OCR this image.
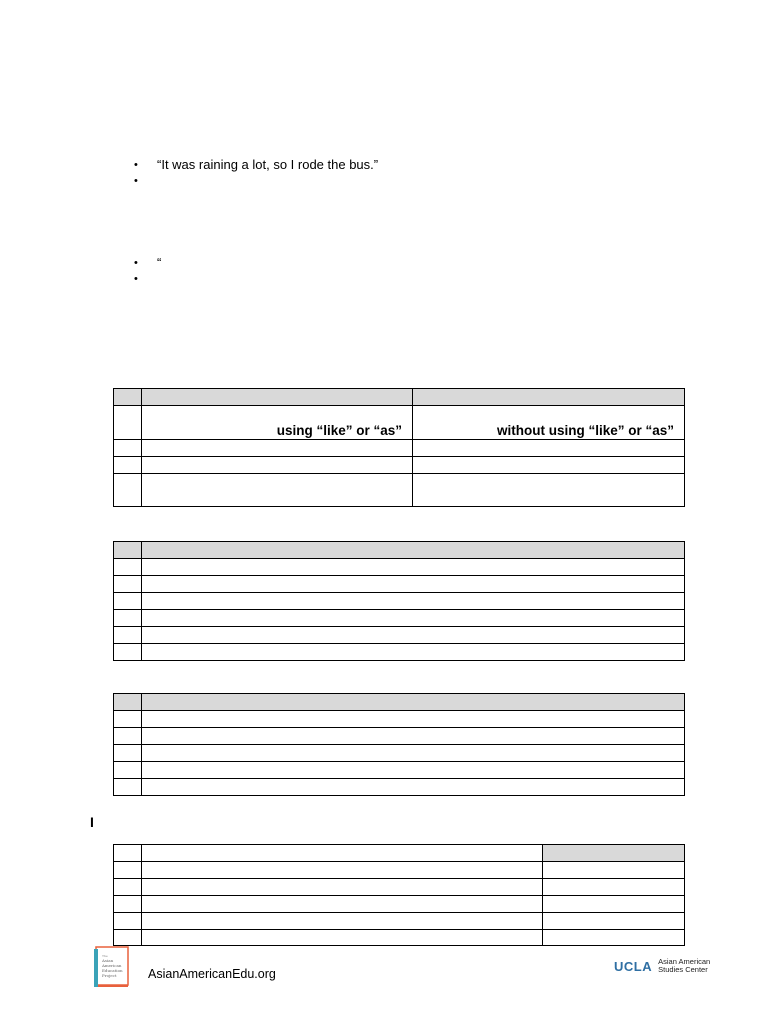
• “It was raining a lot, so I rode the bus.”
•
• “
•

	using “like” or “as”	without using “like” or “as”

I

The
Asian
American
Education
Project	AsianAmericanEdu.org
UCLA Asian American
Studies Center
